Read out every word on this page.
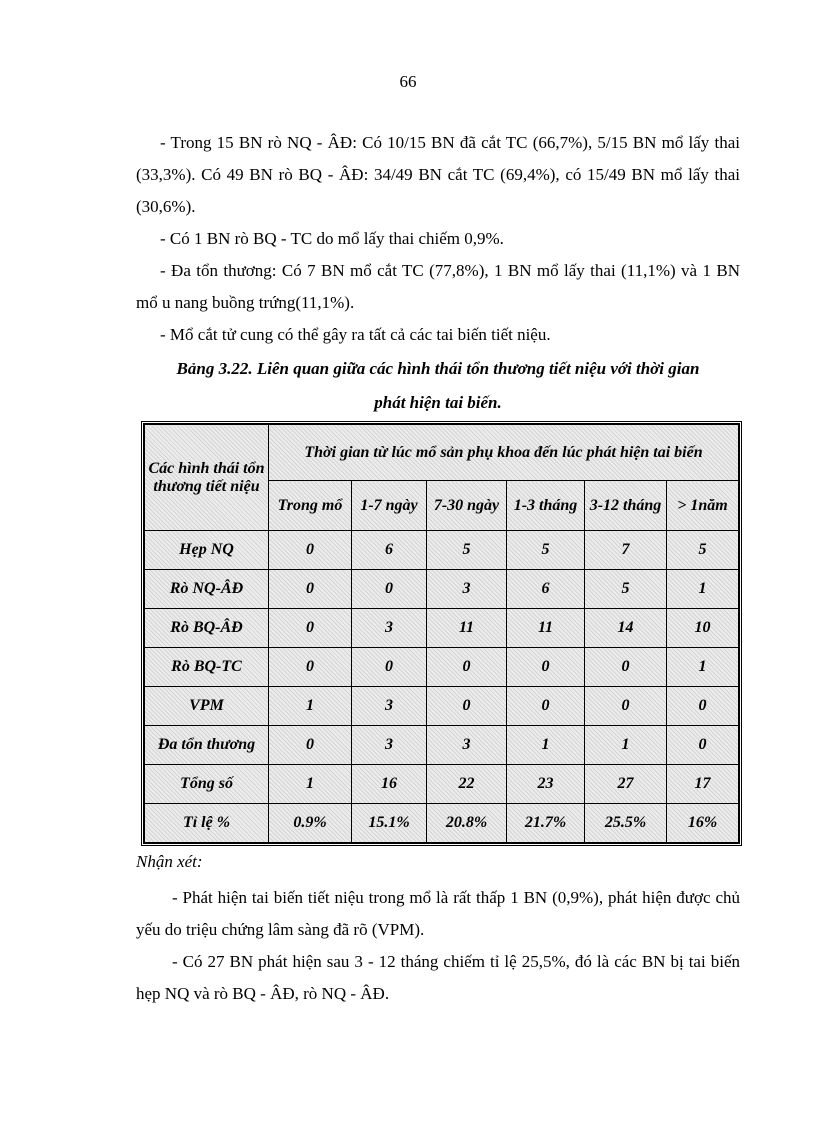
66

- Trong 15 BN rò NQ - ÂĐ: Có 10/15 BN đã cắt TC (66,7%), 5/15 BN mổ lấy thai (33,3%). Có 49 BN rò BQ - ÂĐ: 34/49 BN cắt TC (69,4%), có 15/49 BN mổ lấy thai (30,6%).

- Có 1 BN rò BQ - TC do mổ lấy thai chiếm 0,9%.

- Đa tổn thương: Có 7 BN mổ cắt TC (77,8%), 1 BN mổ lấy thai (11,1%) và 1 BN mổ u nang buồng trứng(11,1%).

- Mổ cắt tử cung có thể gây ra tất cả các tai biến tiết niệu.

Bảng 3.22. Liên quan giữa các hình thái tổn thương tiết niệu với thời gian

phát hiện tai biến.

Các hình thái tổn thương tiết niệu	Thời gian từ lúc mổ sản phụ khoa đến lúc phát hiện tai biến					
	Trong mổ	1-7 ngày	7-30 ngày	1-3 tháng	3-12 tháng	> 1năm
Hẹp NQ	0	6	5	5	7	5
Rò NQ-ÂĐ	0	0	3	6	5	1
Rò BQ-ÂĐ	0	3	11	11	14	10
Rò BQ-TC	0	0	0	0	0	1
VPM	1	3	0	0	0	0
Đa tổn thương	0	3	3	1	1	0
Tổng số	1	16	22	23	27	17
Tỉ lệ %	0.9%	15.1%	20.8%	21.7%	25.5%	16%
Nhận xét:

- Phát hiện tai biến tiết niệu trong mổ là rất thấp 1 BN (0,9%), phát hiện được chủ yếu do triệu chứng lâm sàng đã rõ (VPM).

- Có 27 BN phát hiện sau 3 - 12 tháng chiếm tỉ lệ 25,5%, đó là các BN bị tai biến hẹp NQ và rò BQ - ÂĐ, rò NQ - ÂĐ.
